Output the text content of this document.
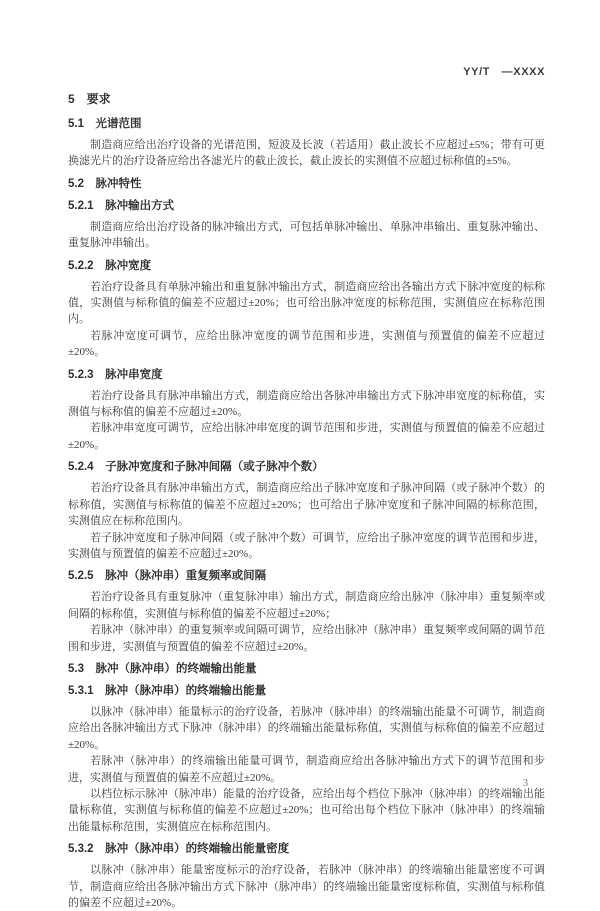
YY/T　—XXXX
5　要求
5.1　光谱范围
制造商应给出治疗设备的光谱范围，短波及长波（若适用）截止波长不应超过±5%；带有可更换滤光片的治疗设备应给出各滤光片的截止波长，截止波长的实测值不应超过标称值的±5%。
5.2　脉冲特性
5.2.1　脉冲输出方式
制造商应给出治疗设备的脉冲输出方式，可包括单脉冲输出、单脉冲串输出、重复脉冲输出、重复脉冲串输出。
5.2.2　脉冲宽度
若治疗设备具有单脉冲输出和重复脉冲输出方式，制造商应给出各输出方式下脉冲宽度的标称值，实测值与标称值的偏差不应超过±20%；也可给出脉冲宽度的标称范围，实测值应在标称范围内。
若脉冲宽度可调节，应给出脉冲宽度的调节范围和步进，实测值与预置值的偏差不应超过±20%。
5.2.3　脉冲串宽度
若治疗设备具有脉冲串输出方式，制造商应给出各脉冲串输出方式下脉冲串宽度的标称值，实测值与标称值的偏差不应超过±20%。
若脉冲串宽度可调节，应给出脉冲串宽度的调节范围和步进，实测值与预置值的偏差不应超过±20%。
5.2.4　子脉冲宽度和子脉冲间隔（或子脉冲个数）
若治疗设备具有脉冲串输出方式，制造商应给出子脉冲宽度和子脉冲间隔（或子脉冲个数）的标称值，实测值与标称值的偏差不应超过±20%；也可给出子脉冲宽度和子脉冲间隔的标称范围，实测值应在标称范围内。
若子脉冲宽度和子脉冲间隔（或子脉冲个数）可调节，应给出子脉冲宽度的调节范围和步进，实测值与预置值的偏差不应超过±20%。
5.2.5　脉冲（脉冲串）重复频率或间隔
若治疗设备具有重复脉冲（重复脉冲串）输出方式，制造商应给出脉冲（脉冲串）重复频率或间隔的标称值，实测值与标称值的偏差不应超过±20%；
若脉冲（脉冲串）的重复频率或间隔可调节，应给出脉冲（脉冲串）重复频率或间隔的调节范围和步进，实测值与预置值的偏差不应超过±20%。
5.3　脉冲（脉冲串）的终端输出能量
5.3.1　脉冲（脉冲串）的终端输出能量
以脉冲（脉冲串）能量标示的治疗设备，若脉冲（脉冲串）的终端输出能量不可调节，制造商应给出各脉冲输出方式下脉冲（脉冲串）的终端输出能量标称值，实测值与标称值的偏差不应超过±20%。
若脉冲（脉冲串）的终端输出能量可调节，制造商应给出各脉冲输出方式下的调节范围和步进，实测值与预置值的偏差不应超过±20%。
以档位标示脉冲（脉冲串）能量的治疗设备，应给出每个档位下脉冲（脉冲串）的终端输出能量标称值，实测值与标称值的偏差不应超过±20%；也可给出每个档位下脉冲（脉冲串）的终端输出能量标称范围，实测值应在标称范围内。
5.3.2　脉冲（脉冲串）的终端输出能量密度
以脉冲（脉冲串）能量密度标示的治疗设备，若脉冲（脉冲串）的终端输出能量密度不可调节，制造商应给出各脉冲输出方式下脉冲（脉冲串）的终端输出能量密度标称值，实测值与标称值的偏差不应超过±20%。
3
